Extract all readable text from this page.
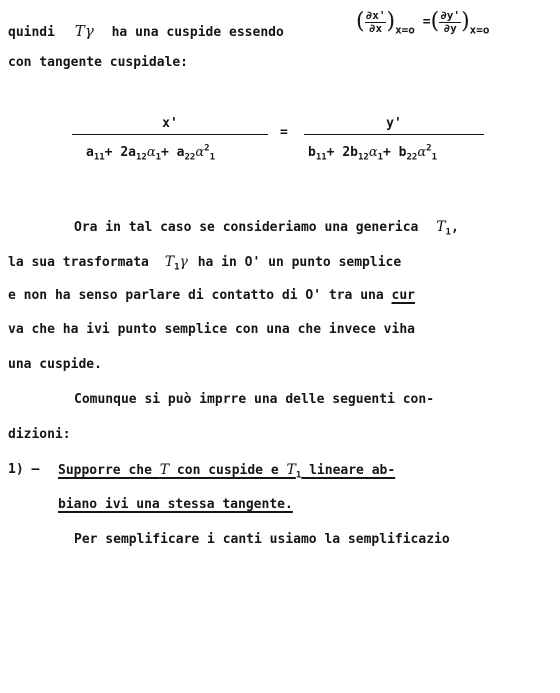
quindi Tγ ha una cuspide essendo	( $\frac{\partial x'}{\partial x} )_{x=o}$ =( $\frac{\partial y'}{\partial y} )_{x=o}$
con tangente cuspidale:
x'
$a_{11}+ 2a_{12}\alpha_1+ a_{22}\alpha^2_1$
=
y'
$b_{11}+ 2b_{12}\alpha_1+ b_{22}\alpha^2_1$
Ora in tal caso se consideriamo una generica $T_1$,
la sua trasformata $T_1\gamma$ ha in O' un punto semplice
e non ha senso parlare di contatto di O' tra una cur
va che ha ivi punto semplice con una che invece viha
una cuspide.
Comunque si può imprre una delle seguenti con-
dizioni:
1) – Supporre che T con cuspide e $T_1$ lineare ab-
biano ivi una stessa tangente.
Per semplificare i canti usiamo la semplificazio
